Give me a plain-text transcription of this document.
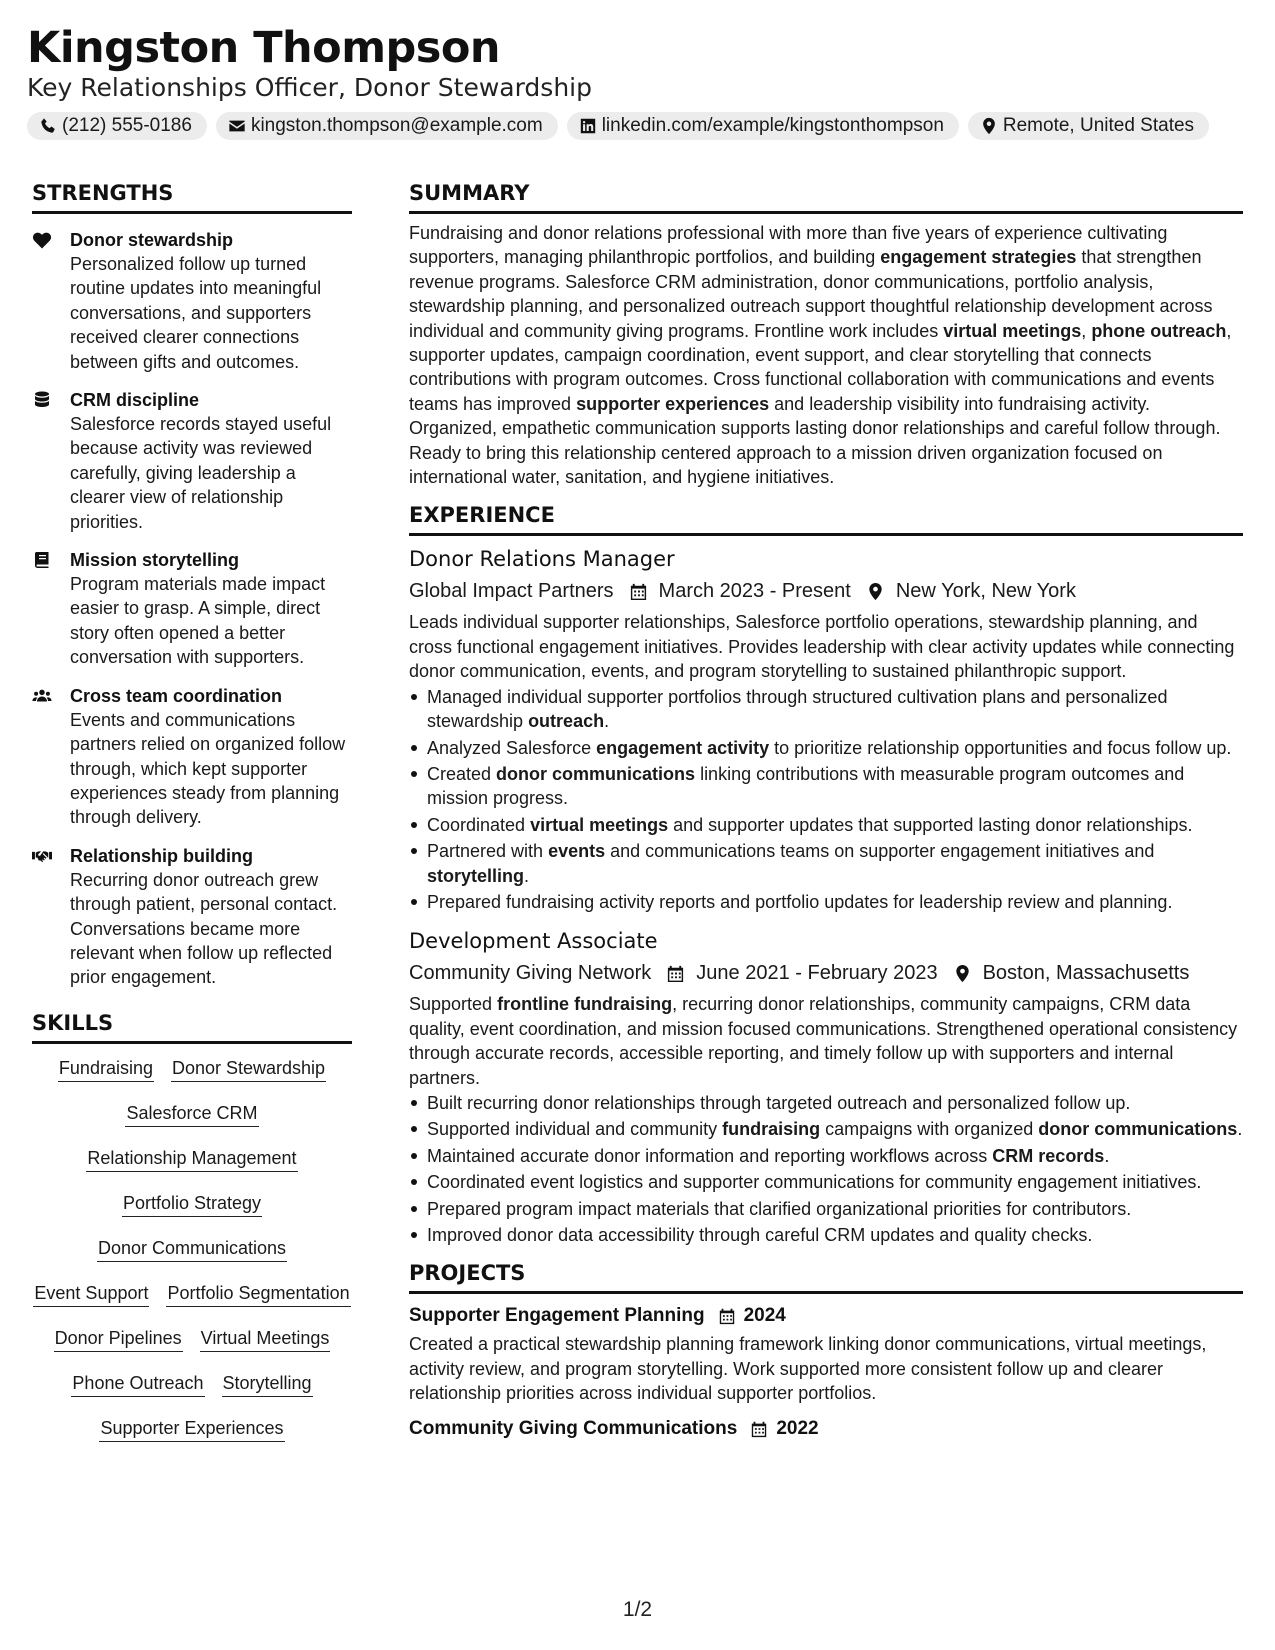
Kingston Thompson
Key Relationships Officer, Donor Stewardship
(212) 555-0186	kingston.thompson@example.com	linkedin.com/example/kingstonthompson	Remote, United States
STRENGTHS
Donor stewardship
Personalized follow up turned routine updates into meaningful conversations, and supporters received clearer connections between gifts and outcomes.
CRM discipline
Salesforce records stayed useful because activity was reviewed carefully, giving leadership a clearer view of relationship priorities.
Mission storytelling
Program materials made impact easier to grasp. A simple, direct story often opened a better conversation with supporters.
Cross team coordination
Events and communications partners relied on organized follow through, which kept supporter experiences steady from planning through delivery.
Relationship building
Recurring donor outreach grew through patient, personal contact. Conversations became more relevant when follow up reflected prior engagement.
SKILLS
Fundraising Donor Stewardship
Salesforce CRM
Relationship Management
Portfolio Strategy
Donor Communications
Event Support Portfolio Segmentation
Donor Pipelines Virtual Meetings
Phone Outreach Storytelling
Supporter Experiences
SUMMARY

Fundraising and donor relations professional with more than five years of experience cultivating supporters, managing philanthropic portfolios, and building engagement strategies that strengthen revenue programs. Salesforce CRM administration, donor communications, portfolio analysis, stewardship planning, and personalized outreach support thoughtful relationship development across individual and community giving programs. Frontline work includes virtual meetings, phone outreach, supporter updates, campaign coordination, event support, and clear storytelling that connects contributions with program outcomes. Cross functional collaboration with communications and events teams has improved supporter experiences and leadership visibility into fundraising activity. Organized, empathetic communication supports lasting donor relationships and careful follow through. Ready to bring this relationship centered approach to a mission driven organization focused on international water, sanitation, and hygiene initiatives.

EXPERIENCE
Donor Relations Manager
Global Impact Partners March 2023 - Present New York, New York

Leads individual supporter relationships, Salesforce portfolio operations, stewardship planning, and cross functional engagement initiatives. Provides leadership with clear activity updates while connecting donor communication, events, and program storytelling to sustained philanthropic support.

Managed individual supporter portfolios through structured cultivation plans and personalized stewardship outreach.
Analyzed Salesforce engagement activity to prioritize relationship opportunities and focus follow up.
Created donor communications linking contributions with measurable program outcomes and mission progress.
Coordinated virtual meetings and supporter updates that supported lasting donor relationships.
Partnered with events and communications teams on supporter engagement initiatives and storytelling.
Prepared fundraising activity reports and portfolio updates for leadership review and planning.
Development Associate
Community Giving Network June 2021 - February 2023 Boston, Massachusetts

Supported frontline fundraising, recurring donor relationships, community campaigns, CRM data quality, event coordination, and mission focused communications. Strengthened operational consistency through accurate records, accessible reporting, and timely follow up with supporters and internal partners.

Built recurring donor relationships through targeted outreach and personalized follow up.
Supported individual and community fundraising campaigns with organized donor communications.
Maintained accurate donor information and reporting workflows across CRM records.
Coordinated event logistics and supporter communications for community engagement initiatives.
Prepared program impact materials that clarified organizational priorities for contributors.
Improved donor data accessibility through careful CRM updates and quality checks.
PROJECTS
Supporter Engagement Planning 2024

Created a practical stewardship planning framework linking donor communications, virtual meetings, activity review, and program storytelling. Work supported more consistent follow up and clearer relationship priorities across individual supporter portfolios.

Community Giving Communications 2022
1/2
